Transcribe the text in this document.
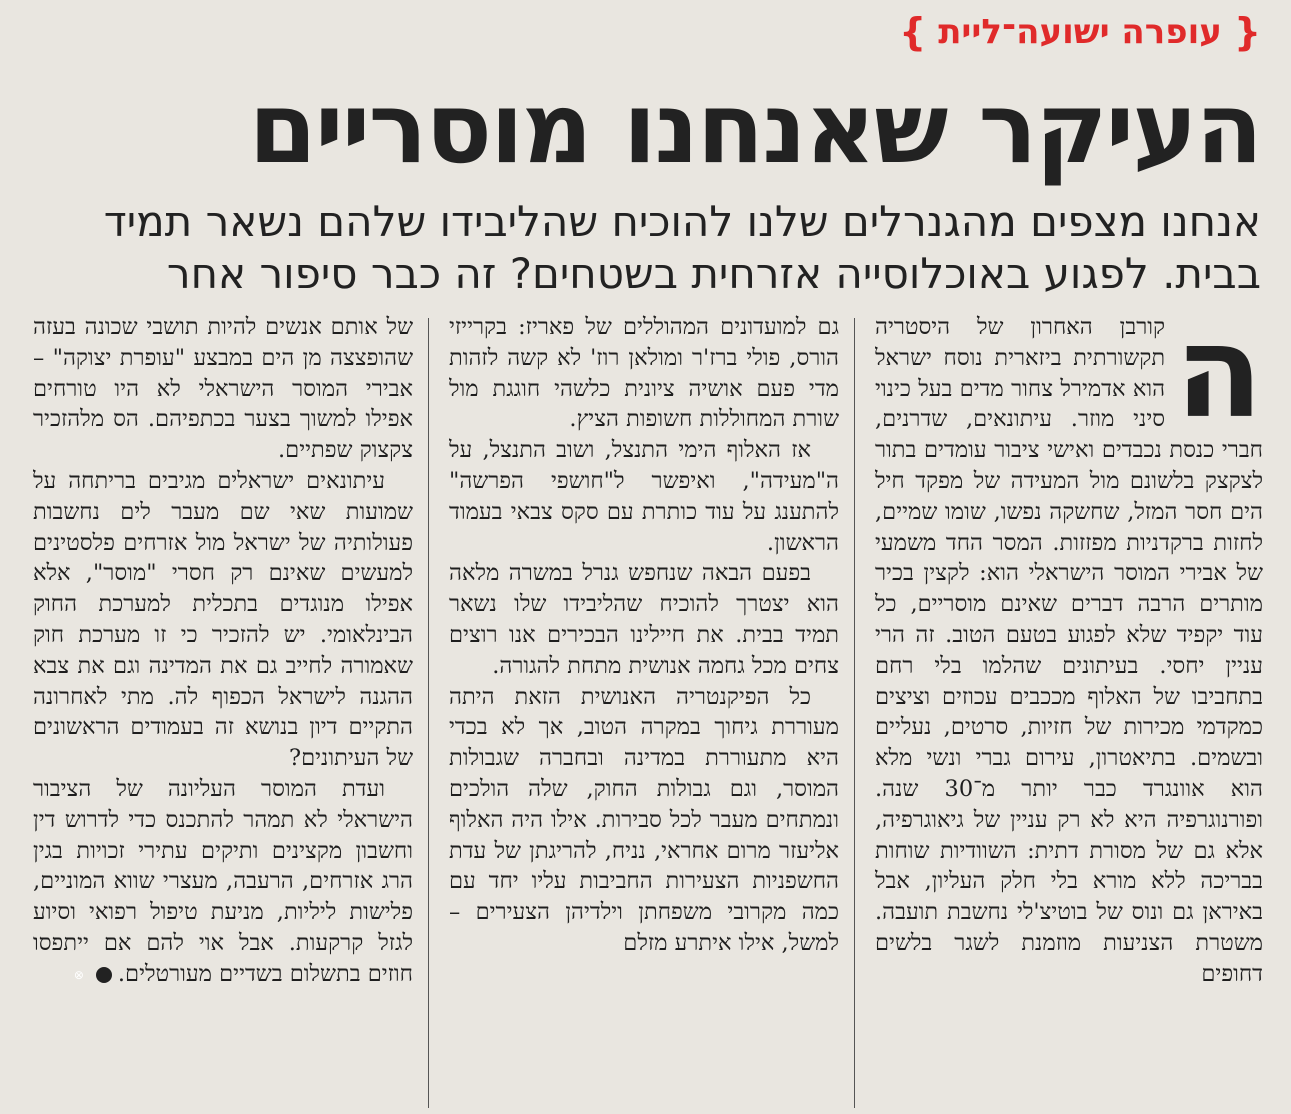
{
עופרה ישועה־ליית
}
העיקר שאנחנו מוסריים
אנחנו מצפים מהגנרלים שלנו להוכיח שהליבידו שלהם נשאר תמיד
בבית. לפגוע באוכלוסייה אזרחית בשטחים? זה כבר סיפור אחר
ה

קורבן האחרון של היסטריה תקשורתית ביזארית נוסח ישראל הוא אדמירל צחור מדים בעל כינוי סיני מוזר. עיתונאים, שדרנים, חברי כנסת נכבדים ואישי ציבור עומדים בתור לצקצק בלשונם מול המעידה של מפקד חיל הים חסר המזל, שחשקה נפשו, שומו שמיים, לחזות ברקדניות מפזזות. המסר החד משמעי של אבירי המוסר הישראלי הוא: לקצין בכיר מותרים הרבה דברים שאינם מוסריים, כל עוד יקפיד שלא לפגוע בטעם הטוב. זה הרי עניין יחסי. בעיתונים שהלמו בלי רחם בתחביבו של האלוף מככבים עכוזים וציצים כמקדמי מכירות של חזיות, סרטים, נעליים ובשמים. בתיאטרון, עירום גברי ונשי מלא הוא אוונגרד כבר יותר מ־30 שנה. ופורנוגרפיה היא לא רק עניין של גיאוגרפיה, אלא גם של מסורת דתית: השוודיות שוחות בבריכה ללא מורא בלי חלק העליון, אבל באיראן גם ונוס של בוטיצ'לי נחשבת תועבה. משטרת הצניעות מוזמנת לשגר בלשים דחופים

גם למועדונים המהוללים של פאריז: בקרייזי הורס, פולי ברז'ר ומולאן רוז' לא קשה לזהות מדי פעם אושיה ציונית כלשהי חוגגת מול שורת המחוללות חשופות הציץ.

אז האלוף הימי התנצל, ושוב התנצל, על ה"מעידה", ואיפשר ל"חושפי הפרשה" להתענג על עוד כותרת עם סקס צבאי בעמוד הראשון.

בפעם הבאה שנחפש גנרל במשרה מלאה הוא יצטרך להוכיח שהליבידו שלו נשאר תמיד בבית. את חיילינו הבכירים אנו רוצים צחים מכל גחמה אנושית מתחת להגורה.

כל הפיקנטריה האנושית הזאת היתה מעוררת גיחוך במקרה הטוב, אך לא בכדי היא מתעוררת במדינה ובחברה שגבולות המוסר, וגם גבולות החוק, שלה הולכים ונמתחים מעבר לכל סבירות. אילו היה האלוף אליעזר מרום אחראי, נניח, להריגתן של עדת החשפניות הצעירות החביבות עליו יחד עם כמה מקרובי משפחתן וילדיהן הצעירים – למשל, אילו איתרע מזלם

של אותם אנשים להיות תושבי שכונה בעזה שהופצצה מן הים במבצע "עופרת יצוקה" – אבירי המוסר הישראלי לא היו טורחים אפילו למשוך בצער בכתפיהם. הס מלהזכיר צקצוק שפתיים.

עיתונאים ישראלים מגיבים בריתחה על שמועות שאי שם מעבר לים נחשבות פעולותיה של ישראל מול אזרחים פלסטינים למעשים שאינם רק חסרי "מוסר", אלא אפילו מנוגדים בתכלית למערכת החוק הבינלאומי. יש להזכיר כי זו מערכת חוק שאמורה לחייב גם את המדינה וגם את צבא ההגנה לישראל הכפוף לה. מתי לאחרונה התקיים דיון בנושא זה בעמודים הראשונים של העיתונים?

ועדת המוסר העליונה של הציבור הישראלי לא תמהר להתכנס כדי לדרוש דין וחשבון מקצינים ותיקים עתירי זכויות בגין הרג אזרחים, הרעבה, מעצרי שווא המוניים, פלישות ליליות, מניעת טיפול רפואי וסיוע לגזל קרקעות. אבל אוי להם אם ייתפסו חוזים בתשלום בשדיים מעורטלים.⊗
